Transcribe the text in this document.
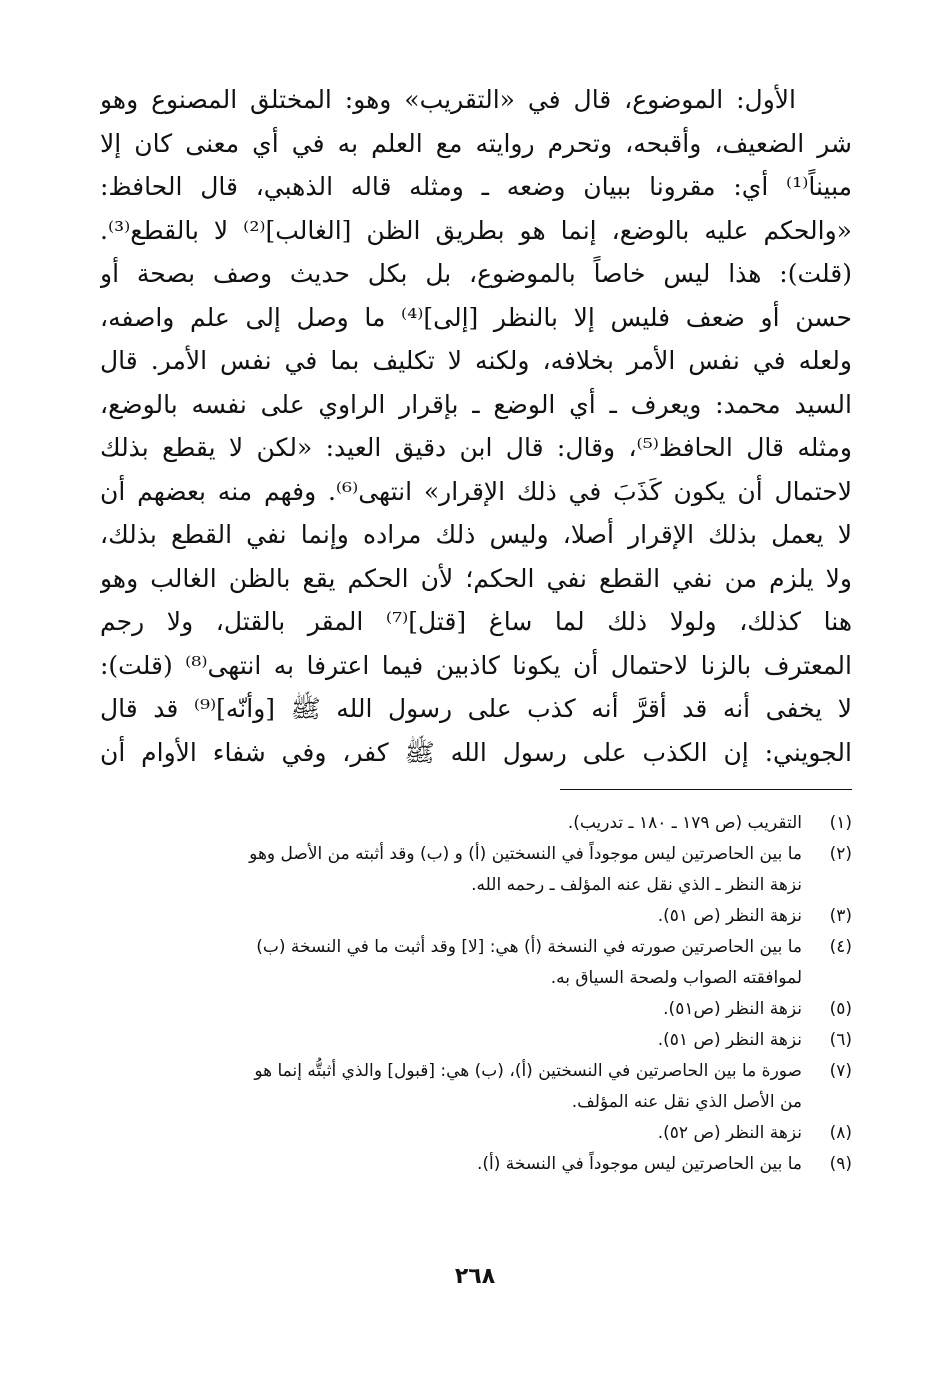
الأول: الموضوع، قال في «التقريب» وهو: المختلق المصنوع وهو
شر الضعيف، وأقبحه، وتحرم روايته مع العلم به في أي معنى كان إلا
مبيناً⁽¹⁾ أي: مقرونا ببيان وضعه ـ ومثله قاله الذهبي، قال الحافظ:
«والحكم عليه بالوضع، إنما هو بطريق الظن [الغالب]⁽²⁾ لا بالقطع⁽³⁾.
(قلت): هذا ليس خاصاً بالموضوع، بل بكل حديث وصف بصحة أو
حسن أو ضعف فليس إلا بالنظر [إلى]⁽⁴⁾ ما وصل إلى علم واصفه،
ولعله في نفس الأمر بخلافه، ولكنه لا تكليف بما في نفس الأمر. قال
السيد محمد: ويعرف ـ أي الوضع ـ بإقرار الراوي على نفسه بالوضع،
ومثله قال الحافظ⁽⁵⁾، وقال: قال ابن دقيق العيد: «لكن لا يقطع بذلك
لاحتمال أن يكون كَذَبَ في ذلك الإقرار» انتهى⁽⁶⁾. وفهم منه بعضهم أن
لا يعمل بذلك الإقرار أصلا، وليس ذلك مراده وإنما نفي القطع بذلك،
ولا يلزم من نفي القطع نفي الحكم؛ لأن الحكم يقع بالظن الغالب وهو
هنا كذلك، ولولا ذلك لما ساغ [قتل]⁽⁷⁾ المقر بالقتل، ولا رجم
المعترف بالزنا لاحتمال أن يكونا كاذبين فيما اعترفا به انتهى⁽⁸⁾ (قلت):
لا يخفى أنه قد أقرَّ أنه كذب على رسول الله ﷺ [وأنّه]⁽⁹⁾ قد قال
الجويني: إن الكذب على رسول الله ﷺ كفر، وفي شفاء الأوام أن
(١)
التقريب (ص ١٧٩ ـ ١٨٠ ـ تدريب).
(٢)
ما بين الحاصرتين ليس موجوداً في النسختين (أ) و (ب) وقد أثبته من الأصل وهو
نزهة النظر ـ الذي نقل عنه المؤلف ـ رحمه الله.
(٣)
نزهة النظر (ص ٥١).
(٤)
ما بين الحاصرتين صورته في النسخة (أ) هي: [لا] وقد أثبت ما في النسخة (ب)
لموافقته الصواب ولصحة السياق به.
(٥)
نزهة النظر (ص٥١).
(٦)
نزهة النظر (ص ٥١).
(٧)
صورة ما بين الحاصرتين في النسختين (أ)، (ب) هي: [قبول] والذي أثبتُّه إنما هو
من الأصل الذي نقل عنه المؤلف.
(٨)
نزهة النظر (ص ٥٢).
(٩)
ما بين الحاصرتين ليس موجوداً في النسخة (أ).
٢٦٨
